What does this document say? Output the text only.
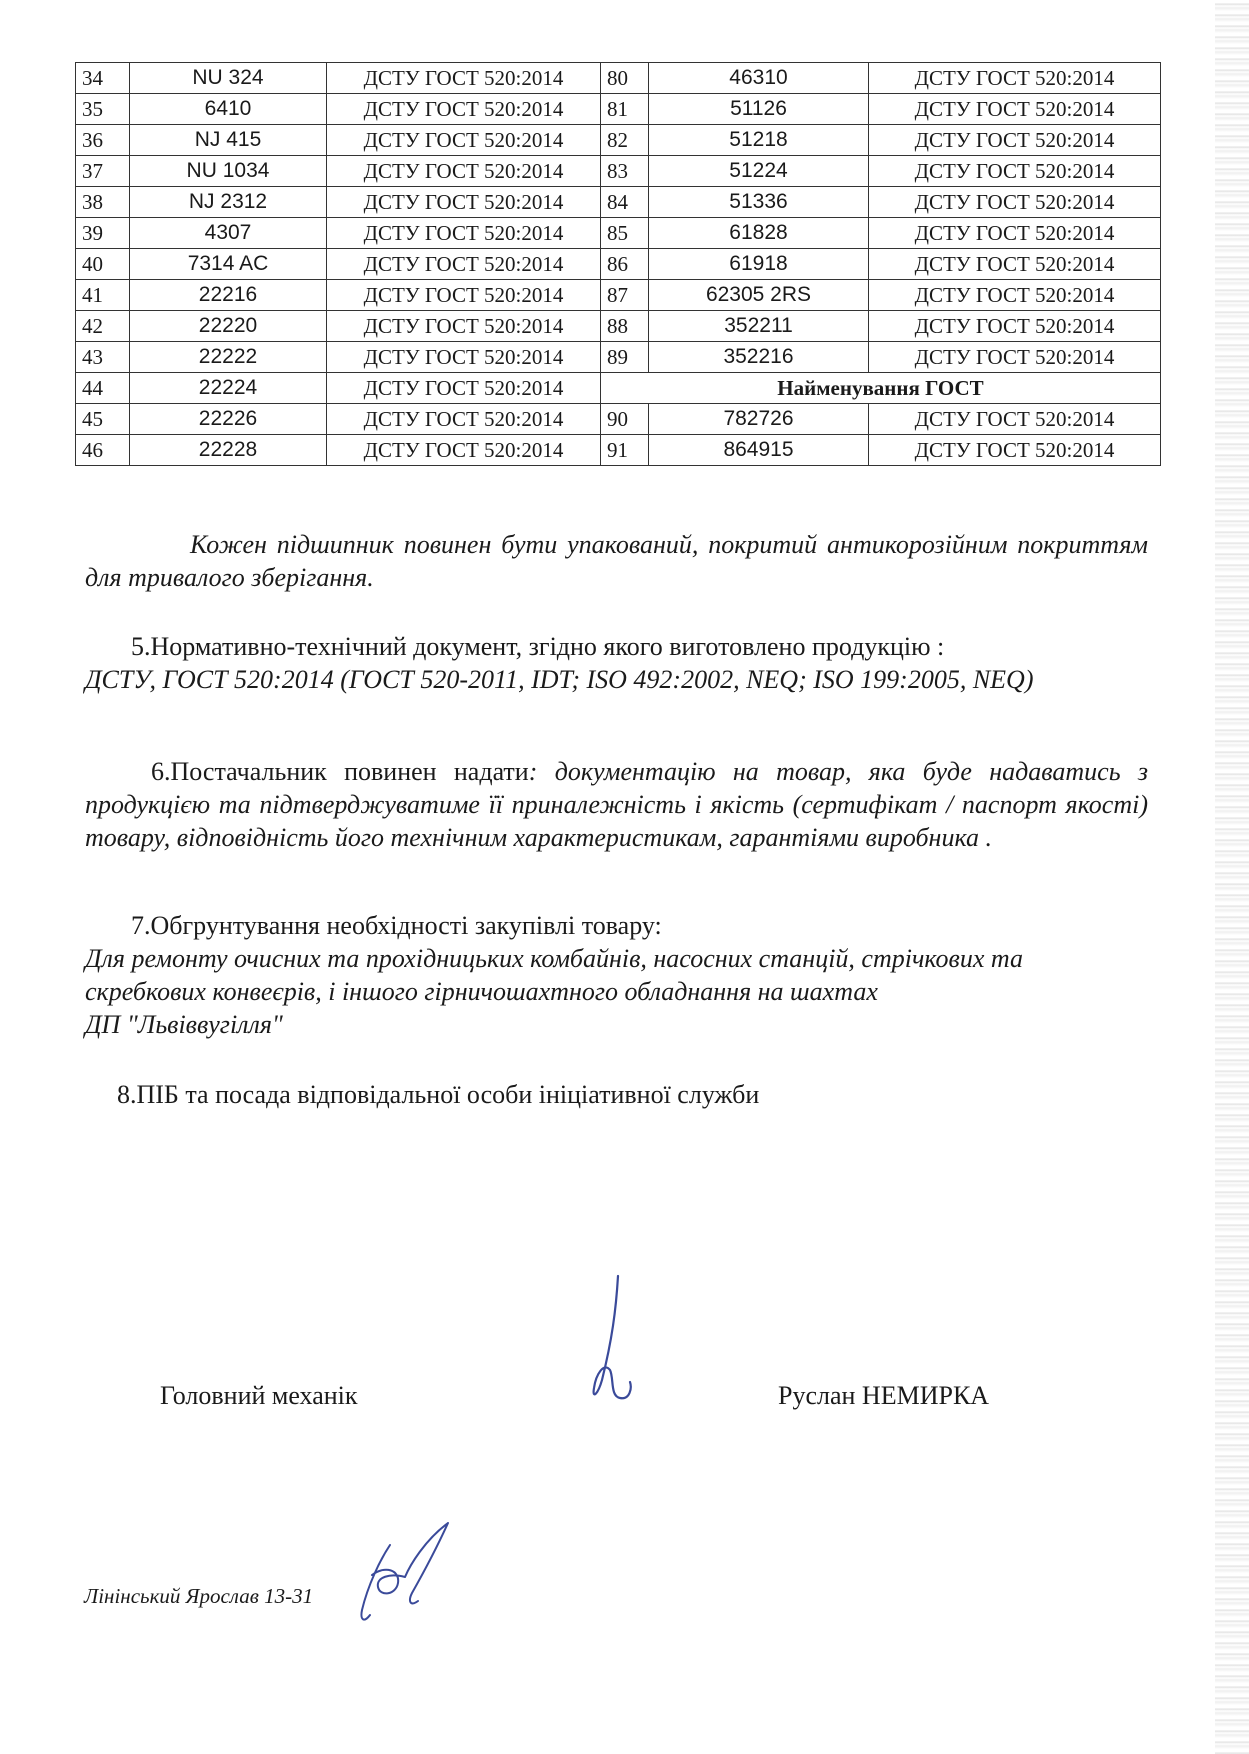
34	NU 324	ДСТУ ГОСТ 520:2014	80	46310	ДСТУ ГОСТ 520:2014
35	6410	ДСТУ ГОСТ 520:2014	81	51126	ДСТУ ГОСТ 520:2014
36	NJ 415	ДСТУ ГОСТ 520:2014	82	51218	ДСТУ ГОСТ 520:2014
37	NU 1034	ДСТУ ГОСТ 520:2014	83	51224	ДСТУ ГОСТ 520:2014
38	NJ 2312	ДСТУ ГОСТ 520:2014	84	51336	ДСТУ ГОСТ 520:2014
39	4307	ДСТУ ГОСТ 520:2014	85	61828	ДСТУ ГОСТ 520:2014
40	7314 AC	ДСТУ ГОСТ 520:2014	86	61918	ДСТУ ГОСТ 520:2014
41	22216	ДСТУ ГОСТ 520:2014	87	62305 2RS	ДСТУ ГОСТ 520:2014
42	22220	ДСТУ ГОСТ 520:2014	88	352211	ДСТУ ГОСТ 520:2014
43	22222	ДСТУ ГОСТ 520:2014	89	352216	ДСТУ ГОСТ 520:2014
44	22224	ДСТУ ГОСТ 520:2014	Найменування ГОСТ		
45	22226	ДСТУ ГОСТ 520:2014	90	782726	ДСТУ ГОСТ 520:2014
46	22228	ДСТУ ГОСТ 520:2014	91	864915	ДСТУ ГОСТ 520:2014
Кожен підшипник повинен бути упакований, покритий антикорозійним покриттям для тривалого зберігання.
5.Нормативно-технічний документ, згідно якого виготовлено продукцію :
ДСТУ, ГОСТ 520:2014 (ГОСТ 520-2011, IDT; ISO 492:2002, NEQ; ISO 199:2005, NEQ)
6.Постачальник повинен надати: документацію на товар, яка буде надаватись з продукцією та підтверджуватиме її приналежність і якість (сертифікат / паспорт якості) товару, відповідність його технічним характеристикам, гарантіями виробника .
7.Обгрунтування необхідності закупівлі товару:
Для ремонту очисних та прохідницьких комбайнів, насосних станцій, стрічкових та скребкових конвеєрів, і іншого гірничошахтного обладнання на шахтах
ДП "Львіввугілля"
8.ПІБ та посада відповідальної особи ініціативної служби
Головний механік	Руслан НЕМИРКА
Лінінський Ярослав 13-31
